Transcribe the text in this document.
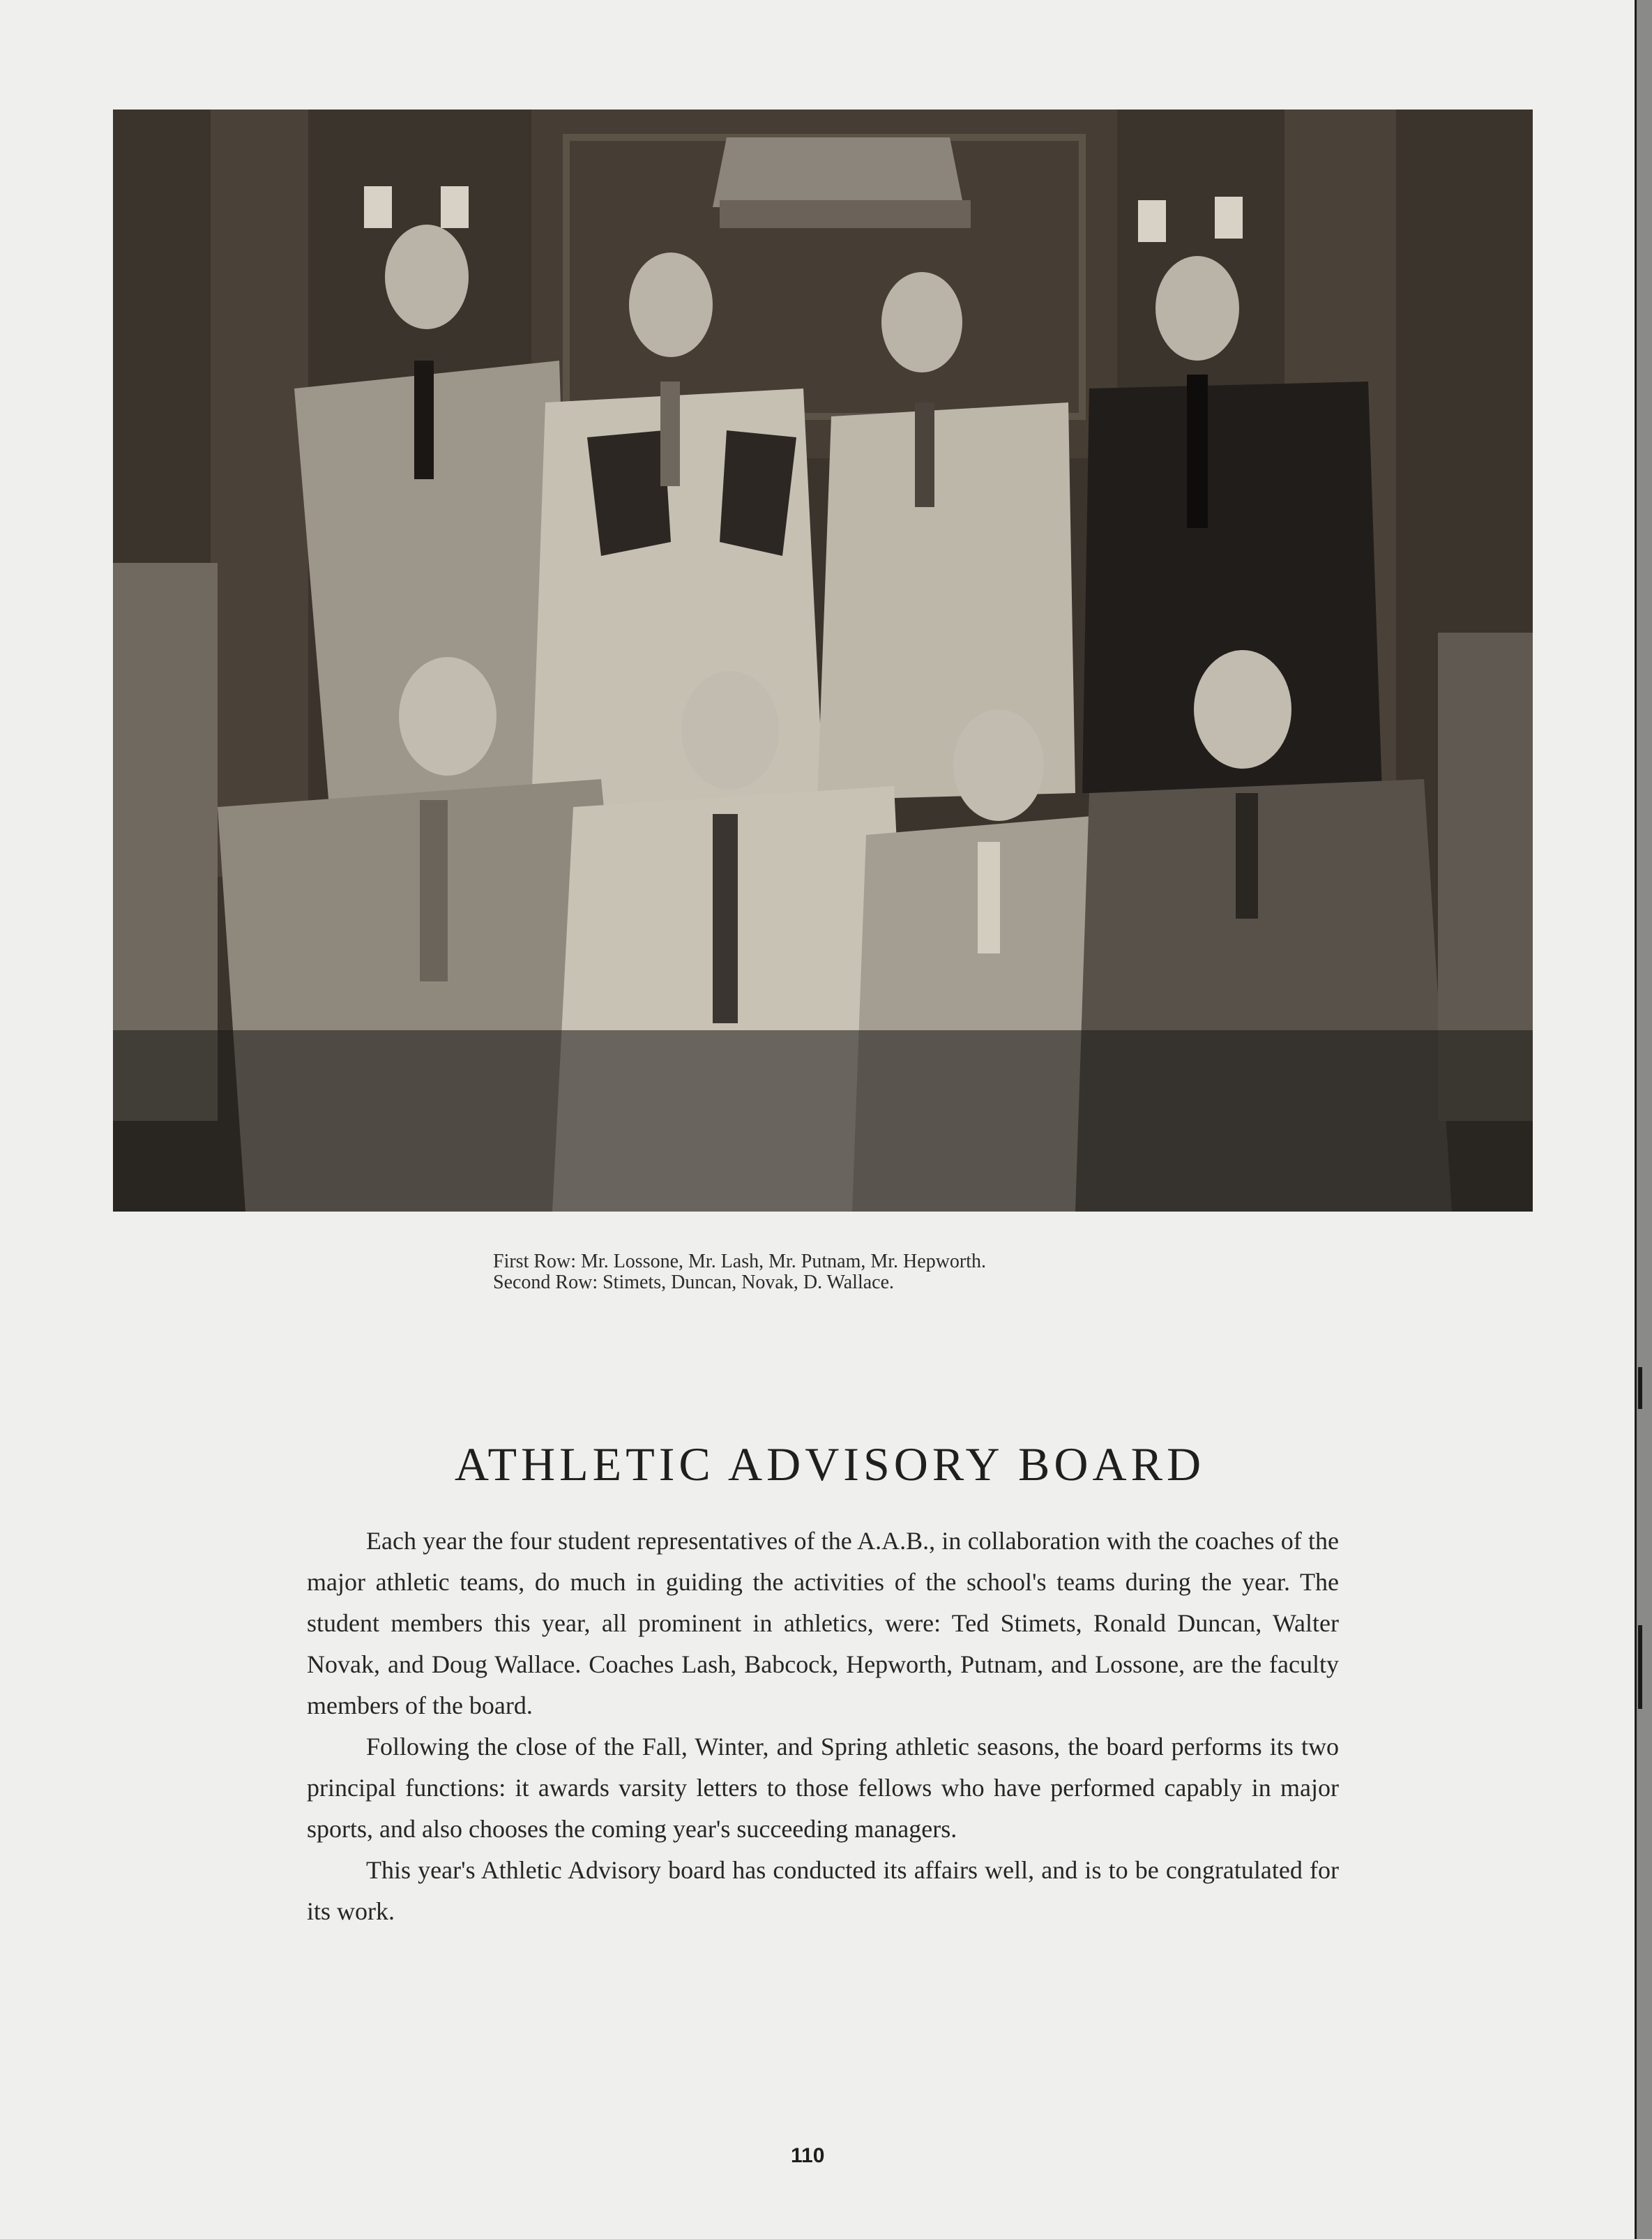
First Row: Mr. Lossone, Mr. Lash, Mr. Putnam, Mr. Hepworth.
Second Row: Stimets, Duncan, Novak, D. Wallace.
ATHLETIC ADVISORY BOARD

Each year the four student representatives of the A.A.B., in collaboration with the coaches of the major athletic teams, do much in guiding the activities of the school's teams during the year. The student members this year, all prominent in athletics, were: Ted Stimets, Ronald Duncan, Walter Novak, and Doug Wallace. Coaches Lash, Babcock, Hepworth, Putnam, and Lossone, are the faculty members of the board.

Following the close of the Fall, Winter, and Spring athletic seasons, the board performs its two principal functions: it awards varsity letters to those fellows who have performed capably in major sports, and also chooses the coming year's succeeding managers.

This year's Athletic Advisory board has conducted its affairs well, and is to be congratulated for its work.

110
